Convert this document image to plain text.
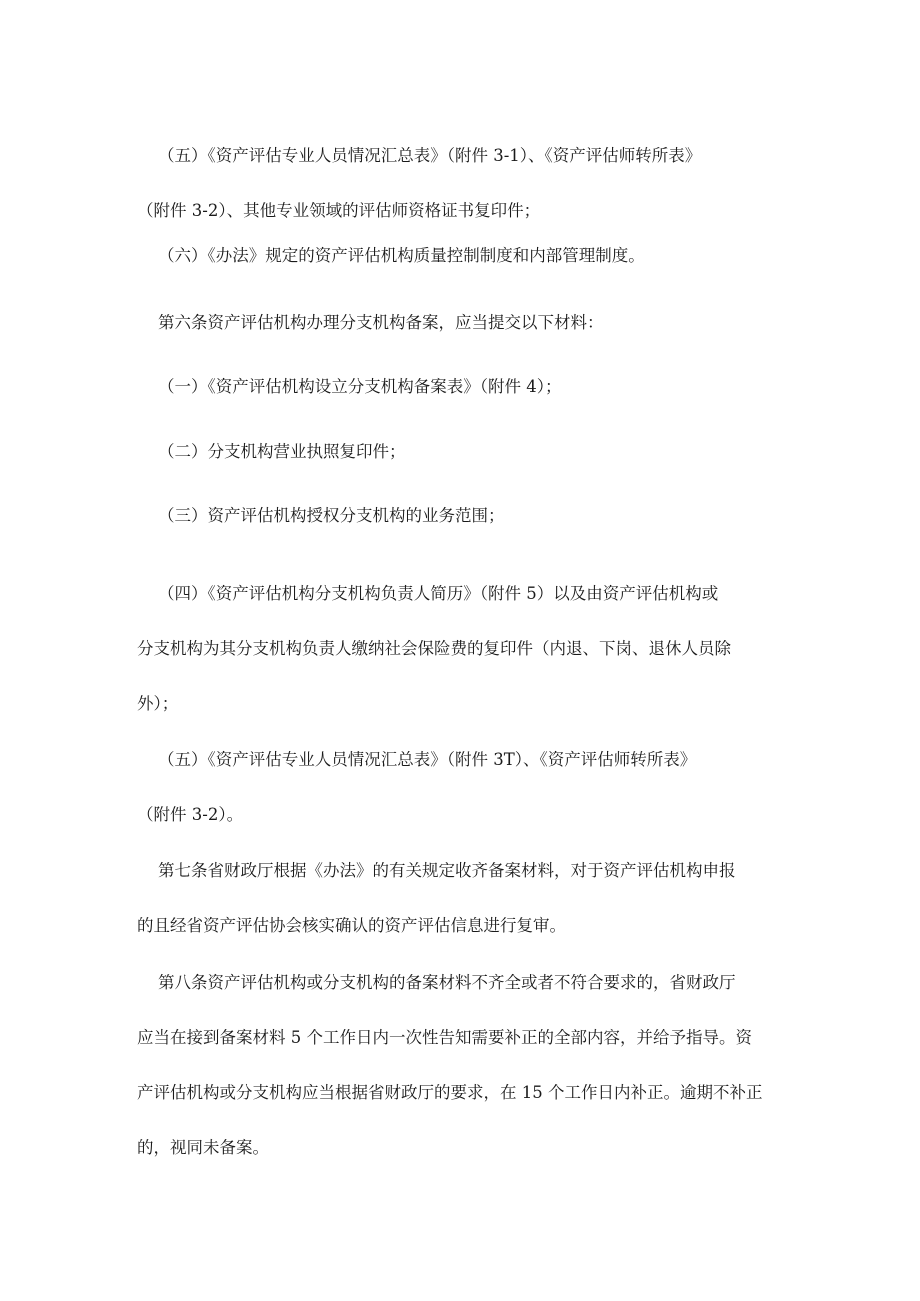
（五）《资产评估专业人员情况汇总表》（附件 3-1）、《资产评估师转所表》
（附件 3-2）、其他专业领域的评估师资格证书复印件；

（六）《办法》规定的资产评估机构质量控制制度和内部管理制度。

第六条资产评估机构办理分支机构备案，应当提交以下材料：

（一）《资产评估机构设立分支机构备案表》（附件 4）；

（二）分支机构营业执照复印件；

（三）资产评估机构授权分支机构的业务范围；

（四）《资产评估机构分支机构负责人简历》（附件 5）以及由资产评估机构或
分支机构为其分支机构负责人缴纳社会保险费的复印件（内退、下岗、退休人员除
外）；

（五）《资产评估专业人员情况汇总表》（附件 3T）、《资产评估师转所表》
（附件 3-2）。

第七条省财政厅根据《办法》的有关规定收齐备案材料，对于资产评估机构申报
的且经省资产评估协会核实确认的资产评估信息进行复审。

第八条资产评估机构或分支机构的备案材料不齐全或者不符合要求的，省财政厅
应当在接到备案材料 5 个工作日内一次性告知需要补正的全部内容，并给予指导。资
产评估机构或分支机构应当根据省财政厅的要求，在 15 个工作日内补正。逾期不补正
的，视同未备案。
